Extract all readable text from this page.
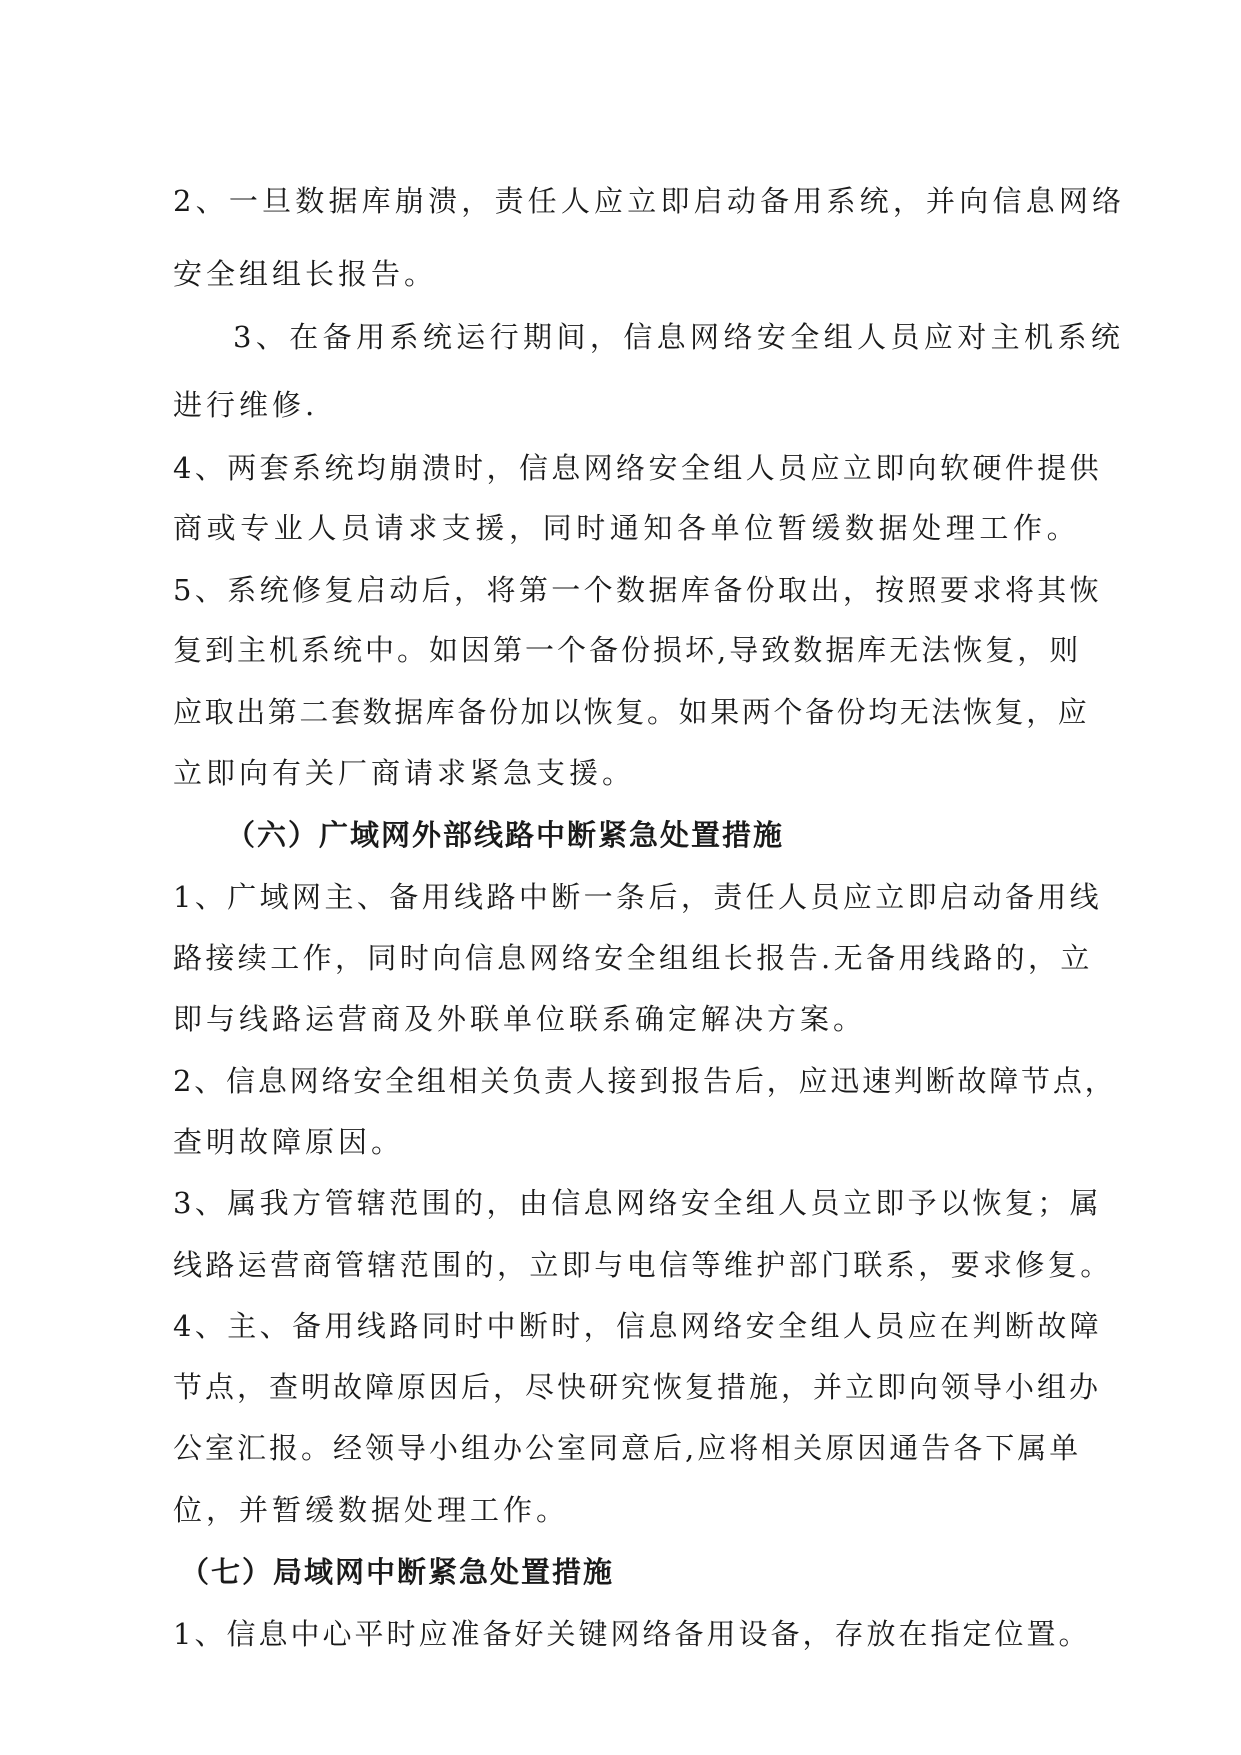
2、一旦数据库崩溃，责任人应立即启动备用系统，并向信息网络
安全组组长报告。
3、在备用系统运行期间，信息网络安全组人员应对主机系统
进行维修.
4、两套系统均崩溃时，信息网络安全组人员应立即向软硬件提供
商或专业人员请求支援，同时通知各单位暂缓数据处理工作。
5、系统修复启动后，将第一个数据库备份取出，按照要求将其恢
复到主机系统中。如因第一个备份损坏,导致数据库无法恢复，则
应取出第二套数据库备份加以恢复。如果两个备份均无法恢复，应
立即向有关厂商请求紧急支援。
（六）广域网外部线路中断紧急处置措施
1、广域网主、备用线路中断一条后，责任人员应立即启动备用线
路接续工作，同时向信息网络安全组组长报告.无备用线路的，立
即与线路运营商及外联单位联系确定解决方案。
2、信息网络安全组相关负责人接到报告后，应迅速判断故障节点，
查明故障原因。
3、属我方管辖范围的，由信息网络安全组人员立即予以恢复；属
线路运营商管辖范围的，立即与电信等维护部门联系，要求修复。
4、主、备用线路同时中断时，信息网络安全组人员应在判断故障
节点，查明故障原因后，尽快研究恢复措施，并立即向领导小组办
公室汇报。经领导小组办公室同意后,应将相关原因通告各下属单
位，并暂缓数据处理工作。
（七）局域网中断紧急处置措施
1、信息中心平时应准备好关键网络备用设备，存放在指定位置。
